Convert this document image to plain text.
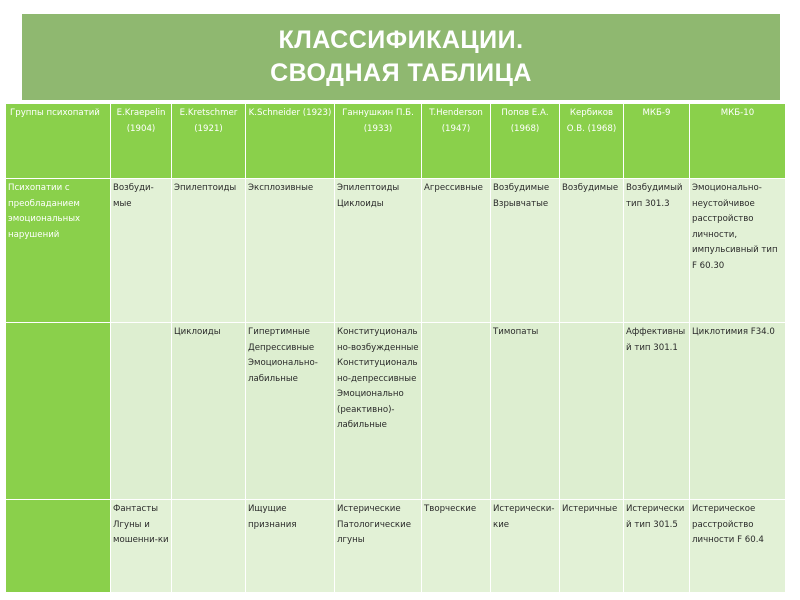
КЛАССИФИКАЦИИ.
СВОДНАЯ ТАБЛИЦА
Группы психопатий	E.Kraepelin (1904)	E.Kretschmer (1921)	K.Schneider (1923)	Ганнушкин П.Б. (1933)	T.Henderson (1947)	Попов Е.А. (1968)	Кербиков О.В. (1968)	МКБ-9	МКБ-10
Психопатии с преобладанием эмоциональных нарушений	Возбуди-мые	Эпилептоиды	Эксплозивные	Эпилептоиды Циклоиды	Агрессивные	Возбудимые Взрывчатые	Возбудимые	Возбудимый тип 301.3	Эмоционально-неустойчивое расстройство личности, импульсивный тип F 60.30
		Циклоиды	Гипертимные Депрессивные Эмоционально-лабильные	Конституциональ но-возбужденные Конституциональ но-депрессивные Эмоционально (реактивно)-лабильные		Тимопаты		Аффективный тип 301.1	Циклотимия F34.0
	Фантасты Лгуны и мошенни-ки		Ищущие признания	Истерические Патологические лгуны	Творческие	Истерически-кие	Истеричные	Истерический тип 301.5	Истерическое расстройство личности F 60.4
